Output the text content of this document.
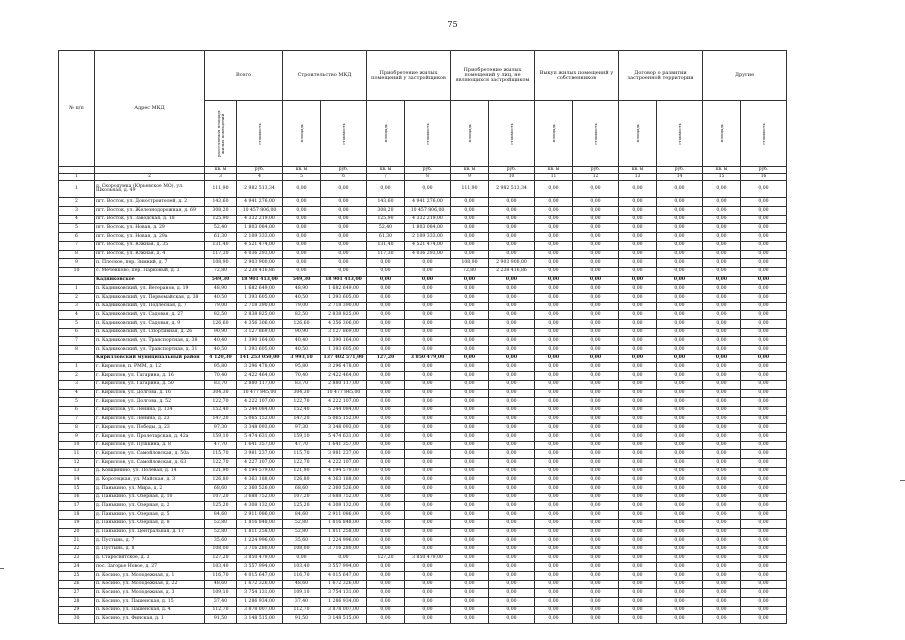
75
№ п/п	Адрес МКД	Всего		Строительство МКД		Приобретение жилых помещений у застройщиков		Приобретение жилых помещений у лиц, не являющихся застройщиком		Выкуп жилых помещений у собственников		Договор о развитии застроенной территории		Другие	

		расселяемая площадь жилых помещений	стоимость	площадь	стоимость	площадь	стоимость	площадь	стоимость	площадь	стоимость	площадь	стоимость	площадь	стоимость

		кв. м	руб.	кв. м	руб.	кв. м	руб.	кв. м	руб.	кв. м	руб.	кв. м	руб.	кв. м	руб.
1	2	3	4	5	6	7	8	9	10	11	12	13	14	15	16
1	д. Скородумка (Юрьевское МО), ул. Школьная, д. 49	111,90	2 982 513,34	0,00	0,00	0,00	0,00	111,90	2 982 513,34	0,00	0,00	0,00	0,00	0,00	0,00
2	пгт. Восток, ул. Доностроителей, д. 2	143,60	4 941 276,00	0,00	0,00	143,60	4 941 276,00	0,00	0,00	0,00	0,00	0,00	0,00	0,00	0,00
3	пгт. Восток, ул. Железнодорожная, д. 69	308,20	10 457 806,00	0,00	0,00	308,20	10 457 806,00	0,00	0,00	0,00	0,00	0,00	0,00	0,00	0,00
4	пгт. Восток, ул. Заводская, д. 18	125,90	4 332 219,00	0,00	0,00	125,90	4 332 219,00	0,00	0,00	0,00	0,00	0,00	0,00	0,00	0,00
5	пгт. Восток, ул. Новая, д. 29	52,40	1 803 084,00	0,00	0,00	52,40	1 803 084,00	0,00	0,00	0,00	0,00	0,00	0,00	0,00	0,00
6	пгт. Восток, ул. Новая, д. 29а	61,30	2 109 333,00	0,00	0,00	61,30	2 109 333,00	0,00	0,00	0,00	0,00	0,00	0,00	0,00	0,00
7	пгт. Восток, ул. Южная, д. 35	131,40	4 521 474,00	0,00	0,00	131,40	4 521 474,00	0,00	0,00	0,00	0,00	0,00	0,00	0,00	0,00
8	пгт. Восток, ул. Южная, д. 4	117,30	4 036 293,00	0,00	0,00	117,30	4 036 293,00	0,00	0,00	0,00	0,00	0,00	0,00	0,00	0,00
9	п. Плоское, пер. Зимний, д. 7	108,90	2 903 900,00	0,00	0,00	0,00	0,00	108,90	2 903 900,00	0,00	0,00	0,00	0,00	0,00	0,00
10	с. Меченково, пер. Парковый, д. 3	72,80	2 238 416,86	0,00	0,00	0,00	0,00	72,80	2 238 416,86	0,00	0,00	0,00	0,00	0,00	0,00
	Кадниковское	549,30	18 901 413,00	549,30	18 901 413,00	0,00	0,00	0,00	0,00	0,00	0,00	0,00	0,00	0,00	0,00
1	п. Кадниковский, ул. Ветеранов, д. 19	48,90	1 682 649,00	48,90	1 682 649,00	0,00	0,00	0,00	0,00	0,00	0,00	0,00	0,00	0,00	0,00
2	п. Кадниковский, ул. Первомайская, д. 38	40,50	1 393 605,00	40,50	1 393 605,00	0,00	0,00	0,00	0,00	0,00	0,00	0,00	0,00	0,00	0,00
3	п. Кадниковский, ул. Подлесная, д. 7	79,00	2 718 390,00	79,00	2 718 390,00	0,00	0,00	0,00	0,00	0,00	0,00	0,00	0,00	0,00	0,00
4	п. Кадниковский, ул. Садовая, д. 27	82,50	2 838 825,00	82,50	2 838 825,00	0,00	0,00	0,00	0,00	0,00	0,00	0,00	0,00	0,00	0,00
5	п. Кадниковский, ул. Садовая, д. 9	126,60	4 356 306,00	126,60	4 356 306,00	0,00	0,00	0,00	0,00	0,00	0,00	0,00	0,00	0,00	0,00
6	п. Кадниковский, ул. Спортивная, д. 26	90,90	3 127 869,00	90,90	3 127 869,00	0,00	0,00	0,00	0,00	0,00	0,00	0,00	0,00	0,00	0,00
7	п. Кадниковский, ул. Транспортная, д. 38	40,40	1 390 164,00	40,40	1 390 164,00	0,00	0,00	0,00	0,00	0,00	0,00	0,00	0,00	0,00	0,00
8	п. Кадниковский, ул. Транспортная, д. 31	40,50	1 393 605,00	40,50	1 393 605,00	0,00	0,00	0,00	0,00	0,00	0,00	0,00	0,00	0,00	0,00
	Кирилловский муниципальный район	4 120,30	141 253 050,00	3 993,10	137 402 571,00	127,20	3 850 479,00	0,00	0,00	0,00	0,00	0,00	0,00	0,00	0,00
1	г. Кириллов, п. РММ, д. 12	95,80	3 296 478,00	95,80	3 296 478,00	0,00	0,00	0,00	0,00	0,00	0,00	0,00	0,00	0,00	0,00
2	г. Кириллов, ул. Гагарина, д. 16	70,40	2 422 464,00	70,40	2 422 464,00	0,00	0,00	0,00	0,00	0,00	0,00	0,00	0,00	0,00	0,00
3	г. Кириллов, ул. Гагарина, д. 50	83,70	2 880 117,00	83,70	2 880 117,00	0,00	0,00	0,00	0,00	0,00	0,00	0,00	0,00	0,00	0,00
4	г. Кириллов, ул. Долгова, д. 16	304,30	10 477 845,00	304,30	10 477 845,00	0,00	0,00	0,00	0,00	0,00	0,00	0,00	0,00	0,00	0,00
5	г. Кириллов, ул. Долгова, д. 52	122,70	4 222 107,00	122,70	4 222 107,00	0,00	0,00	0,00	0,00	0,00	0,00	0,00	0,00	0,00	0,00
6	г. Кириллов, ул. Ленина, д. 134	152,40	5 244 084,00	152,40	5 244 084,00	0,00	0,00	0,00	0,00	0,00	0,00	0,00	0,00	0,00	0,00
7	г. Кириллов, ул. Ленина, д. 23	147,20	5 065 152,00	147,20	5 065 152,00	0,00	0,00	0,00	0,00	0,00	0,00	0,00	0,00	0,00	0,00
8	г. Кириллов, ул. Победы, д. 23	97,30	3 348 093,00	97,30	3 348 093,00	0,00	0,00	0,00	0,00	0,00	0,00	0,00	0,00	0,00	0,00
9	г. Кириллов, ул. Пролетарская, д. 42а	159,10	5 474 631,00	159,10	5 474 631,00	0,00	0,00	0,00	0,00	0,00	0,00	0,00	0,00	0,00	0,00
10	г. Кириллов, ул. Пушкина, д. 8	47,70	1 641 357,00	47,70	1 641 357,00	0,00	0,00	0,00	0,00	0,00	0,00	0,00	0,00	0,00	0,00
11	г. Кириллов, ул. Самойловская, д. 50а	115,70	3 981 237,00	115,70	3 981 237,00	0,00	0,00	0,00	0,00	0,00	0,00	0,00	0,00	0,00	0,00
12	г. Кириллов, ул. Самойловская, д. 63	122,70	4 227 107,00	122,70	4 222 107,00	0,00	0,00	0,00	0,00	0,00	0,00	0,00	0,00	0,00	0,00
13	д. Ковщинино, ул. Полевая, д. 14	121,90	4 194 579,00	121,90	4 194 579,00	0,00	0,00	0,00	0,00	0,00	0,00	0,00	0,00	0,00	0,00
14	д. Коротецкая, ул. Майская, д. 3	126,80	4 363 188,00	126,80	4 363 188,00	0,00	0,00	0,00	0,00	0,00	0,00	0,00	0,00	0,00	0,00
15	д. Панькино, ул. Мира, д. 2	68,60	2 360 526,00	68,60	2 360 526,00	0,00	0,00	0,00	0,00	0,00	0,00	0,00	0,00	0,00	0,00
16	д. Панькино, ул. Озерная, д. 10	107,20	3 688 752,00	107,20	3 688 752,00	0,00	0,00	0,00	0,00	0,00	0,00	0,00	0,00	0,00	0,00
17	д. Панькино, ул. Озерная, д. 2	125,20	4 308 132,00	125,20	4 308 132,00	0,00	0,00	0,00	0,00	0,00	0,00	0,00	0,00	0,00	0,00
18	д. Панькино, ул. Озерная, д. 5	84,60	2 911 086,00	84,60	2 911 086,00	0,00	0,00	0,00	0,00	0,00	0,00	0,00	0,00	0,00	0,00
19	д. Панькино, ул. Озерная, д. 8	52,80	1 816 848,00	52,80	1 816 848,00	0,00	0,00	0,00	0,00	0,00	0,00	0,00	0,00	0,00	0,00
20	д. Панькино, ул. Центральная, д. 17	52,80	1 811 258,00	52,80	1 811 258,00	0,00	0,00	0,00	0,00	0,00	0,00	0,00	0,00	0,00	0,00
21	д. Пустынь, д. 7	35,60	1 224 996,00	35,60	1 224 996,00	0,00	0,00	0,00	0,00	0,00	0,00	0,00	0,00	0,00	0,00
22	д. Пустынь, д. 8	108,00	3 716 280,00	108,00	3 716 280,00	0,00	0,00	0,00	0,00	0,00	0,00	0,00	0,00	0,00	0,00
23	д. Старосвятское, д. 3	127,20	3 850 479,00	0,00	0,00	127,20	3 850 479,00	0,00	0,00	0,00	0,00	0,00	0,00	0,00	0,00
24	пос. Загорье Новое, д. 27	103,40	3 557 994,00	103,40	3 557 994,00	0,00	0,00	0,00	0,00	0,00	0,00	0,00	0,00	0,00	0,00
25	п. Косино, ул. Молодежная, д. 1	116,70	4 015 647,00	116,70	4 015 647,00	0,00	0,00	0,00	0,00	0,00	0,00	0,00	0,00	0,00	0,00
26	п. Косино, ул. Молодежная, д. 22	48,60	1 672 326,00	48,60	1 672 326,00	0,00	0,00	0,00	0,00	0,00	0,00	0,00	0,00	0,00	0,00
27	п. Косино, ул. Молодежная, д. 3	109,10	3 754 131,00	109,10	3 754 131,00	0,00	0,00	0,00	0,00	0,00	0,00	0,00	0,00	0,00	0,00
28	п. Косино, ул. Пашенская, д. 15	37,40	1 286 934,00	37,40	1 286 934,00	0,00	0,00	0,00	0,00	0,00	0,00	0,00	0,00	0,00	0,00
29	п. Косино, ул. Пашенская, д. 4	112,70	3 878 007,00	112,70	3 878 007,00	0,00	0,00	0,00	0,00	0,00	0,00	0,00	0,00	0,00	0,00
30	п. Косино, ул. Финская, д. 1	91,50	3 148 515,00	91,50	3 148 515,00	0,00	0,00	0,00	0,00	0,00	0,00	0,00	0,00	0,00	0,00
